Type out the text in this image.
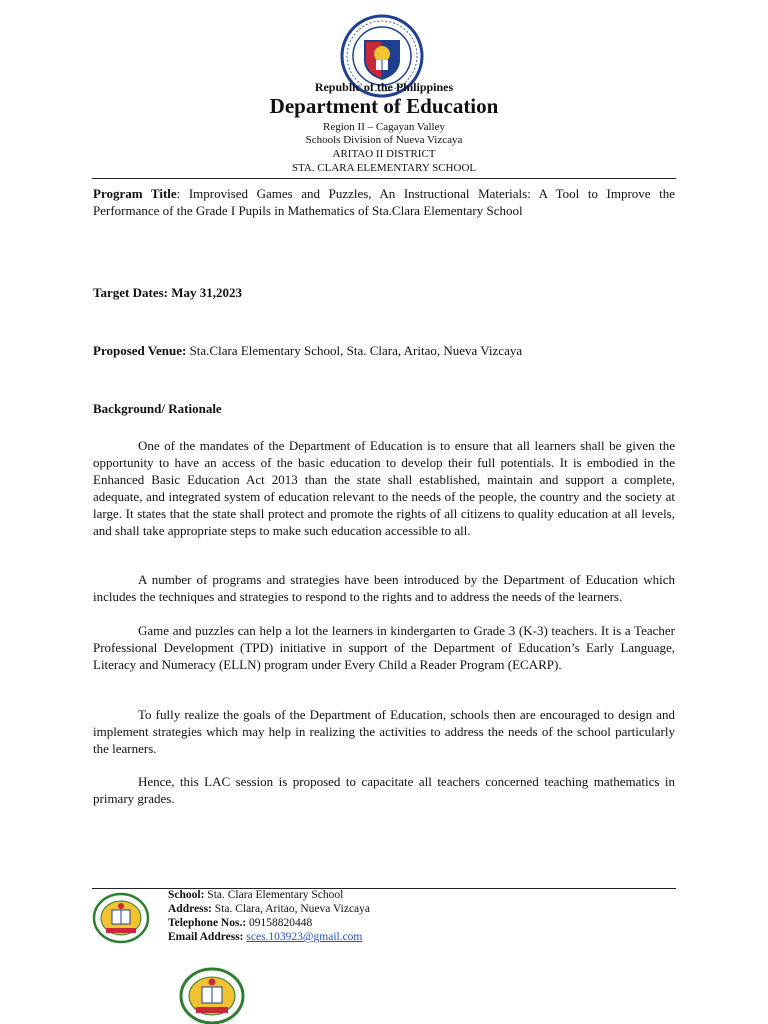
Republic of the Philippines
Department of Education
Region II – Cagayan Valley
Schools Division of Nueva Vizcaya
ARITAO II DISTRICT
STA. CLARA ELEMENTARY SCHOOL
Program Title: Improvised Games and Puzzles, An Instructional Materials: A Tool to Improve the Performance of the Grade I Pupils in Mathematics of Sta.Clara Elementary School
Target Dates: May 31,2023
Proposed Venue: Sta.Clara Elementary School, Sta. Clara, Aritao, Nueva Vizcaya
Background/ Rationale
One of the mandates of the Department of Education is to ensure that all learners shall be given the opportunity to have an access of the basic education to develop their full potentials. It is embodied in the Enhanced Basic Education Act 2013 than the state shall established, maintain and support a complete, adequate, and integrated system of education relevant to the needs of the people, the country and the society at large. It states that the state shall protect and promote the rights of all citizens to quality education at all levels, and shall take appropriate steps to make such education accessible to all.
A number of programs and strategies have been introduced by the Department of Education which includes the techniques and strategies to respond to the rights and to address the needs of the learners.
Game and puzzles can help a lot the learners in kindergarten to Grade 3 (K-3) teachers. It is a Teacher Professional Development (TPD) initiative in support of the Department of Education’s Early Language, Literacy and Numeracy (ELLN) program under Every Child a Reader Program (ECARP).
To fully realize the goals of the Department of Education, schools then are encouraged to design and implement strategies which may help in realizing the activities to address the needs of the school particularly the learners.
Hence, this LAC session is proposed to capacitate all teachers concerned teaching mathematics in primary grades.
School: Sta. Clara Elementary School
Address: Sta. Clara, Aritao, Nueva Vizcaya
Telephone Nos.: 09158820448
Email Address: sces.103923@gmail.com
